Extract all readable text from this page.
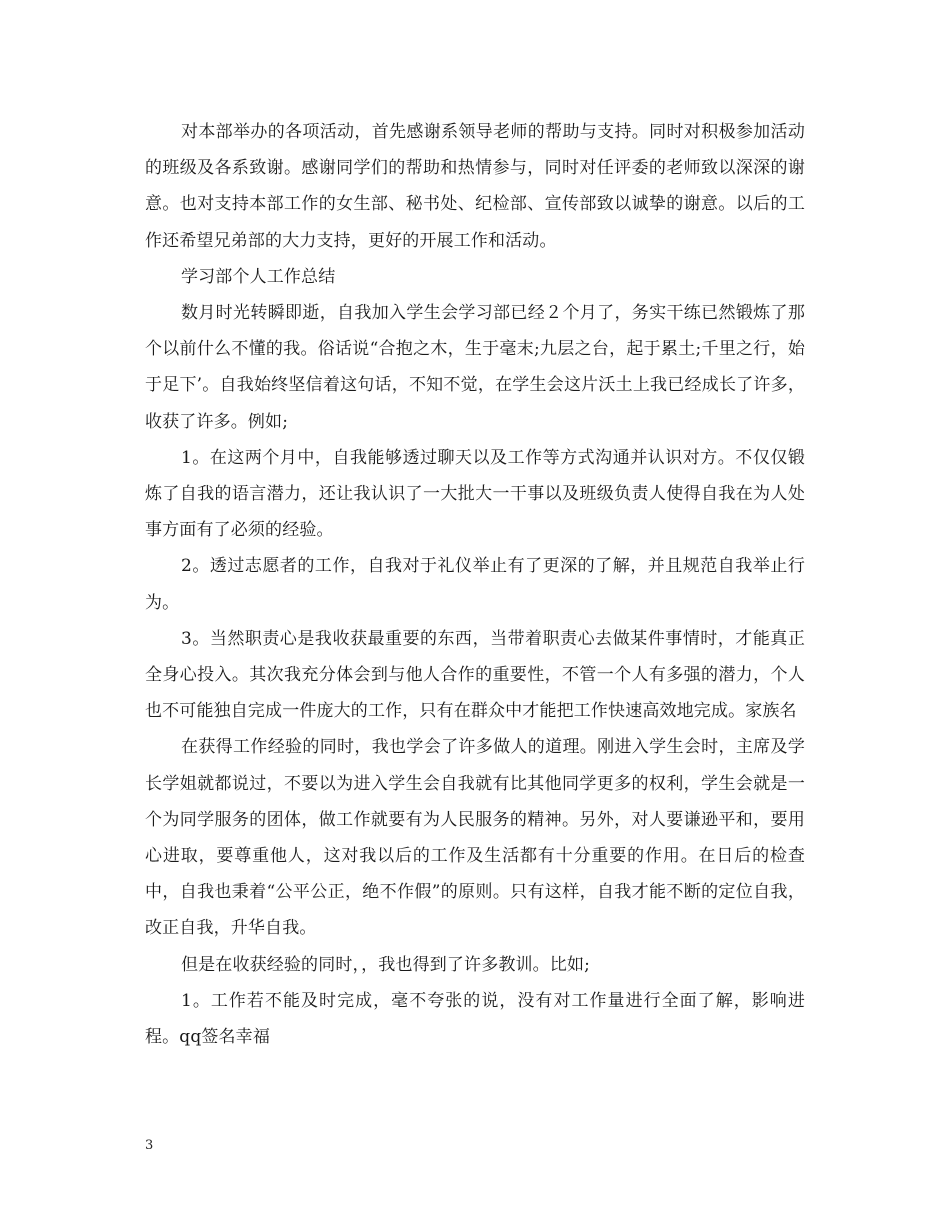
对本部举办的各项活动，首先感谢系领导老师的帮助与支持。同时对积极参加活动的班级及各系致谢。感谢同学们的帮助和热情参与，同时对任评委的老师致以深深的谢意。也对支持本部工作的女生部、秘书处、纪检部、宣传部致以诚挚的谢意。以后的工作还希望兄弟部的大力支持，更好的开展工作和活动。

学习部个人工作总结

数月时光转瞬即逝，自我加入学生会学习部已经２个月了，务实干练已然锻炼了那个以前什么不懂的我。俗话说“合抱之木，生于毫末;九层之台，起于累土;千里之行，始于足下’。自我始终坚信着这句话，不知不觉，在学生会这片沃土上我已经成长了许多，收获了许多。例如;

1。在这两个月中，自我能够透过聊天以及工作等方式沟通并认识对方。不仅仅锻炼了自我的语言潜力，还让我认识了一大批大一干事以及班级负责人使得自我在为人处事方面有了必须的经验。

2。透过志愿者的工作，自我对于礼仪举止有了更深的了解，并且规范自我举止行为。

3。当然职责心是我收获最重要的东西，当带着职责心去做某件事情时，才能真正全身心投入。其次我充分体会到与他人合作的重要性，不管一个人有多强的潜力，个人也不可能独自完成一件庞大的工作，只有在群众中才能把工作快速高效地完成。家族名

在获得工作经验的同时，我也学会了许多做人的道理。刚进入学生会时，主席及学长学姐就都说过，不要以为进入学生会自我就有比其他同学更多的权利，学生会就是一个为同学服务的团体，做工作就要有为人民服务的精神。另外，对人要谦逊平和，要用心进取，要尊重他人，这对我以后的工作及生活都有十分重要的作用。在日后的检查中，自我也秉着“公平公正，绝不作假”的原则。只有这样，自我才能不断的定位自我，改正自我，升华自我。

但是在收获经验的同时，，我也得到了许多教训。比如;

1。工作若不能及时完成，毫不夸张的说，没有对工作量进行全面了解，影响进程。qq签名幸福

3
